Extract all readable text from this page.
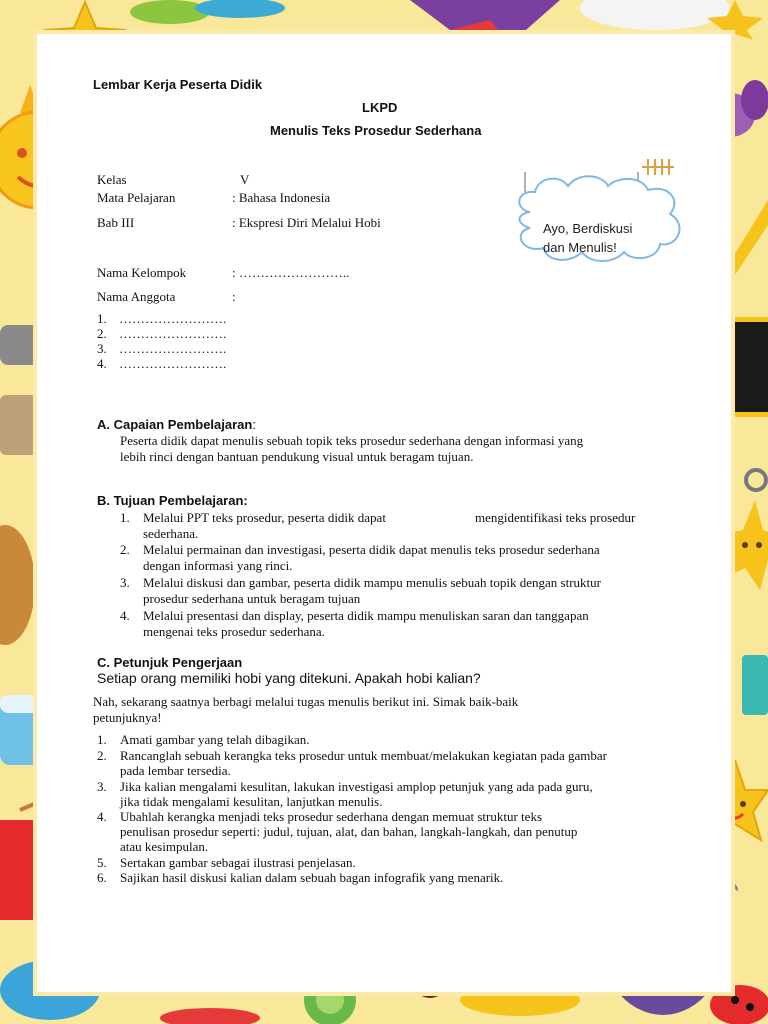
Ayo, Berdiskusi
dan Menulis!
Lembar Kerja Peserta Didik
LKPD
Menulis Teks Prosedur Sederhana
Kelas	V
Mata Pelajaran	: Bahasa Indonesia
Bab III	: Ekspresi Diri Melalui Hobi
Nama Kelompok	: ……………………..
Nama Anggota	:
1. …………………….
2. …………………….
3. …………………….
4. …………………….
A. Capaian Pembelajaran:
Peserta didik dapat menulis sebuah topik teks prosedur sederhana dengan informasi yang
lebih rinci dengan bantuan pendukung visual untuk beragam tujuan.
B. Tujuan Pembelajaran:
1. Melalui PPT teks prosedur, peserta didik dapat	mengidentifikasi teks prosedur
sederhana.
2. Melalui permainan dan investigasi, peserta didik dapat menulis teks prosedur sederhana
dengan informasi yang rinci.
3. Melalui diskusi dan gambar, peserta didik mampu menulis sebuah topik dengan struktur
prosedur sederhana untuk beragam tujuan
4. Melalui presentasi dan display, peserta didik mampu menuliskan saran dan tanggapan
mengenai teks prosedur sederhana.
C. Petunjuk Pengerjaan
Setiap orang memiliki hobi yang ditekuni. Apakah hobi kalian?
Nah, sekarang saatnya berbagi melalui tugas menulis berikut ini. Simak baik-baik
petunjuknya!
1. Amati gambar yang telah dibagikan.
2. Rancanglah sebuah kerangka teks prosedur untuk membuat/melakukan kegiatan pada gambar
pada lembar tersedia.
3. Jika kalian mengalami kesulitan, lakukan investigasi amplop petunjuk yang ada pada guru,
jika tidak mengalami kesulitan, lanjutkan menulis.
4. Ubahlah kerangka menjadi teks prosedur sederhana dengan memuat struktur teks
penulisan prosedur seperti: judul, tujuan, alat, dan bahan, langkah-langkah, dan penutup
atau kesimpulan.
5. Sertakan gambar sebagai ilustrasi penjelasan.
6. Sajikan hasil diskusi kalian dalam sebuah bagan infografik yang menarik.
